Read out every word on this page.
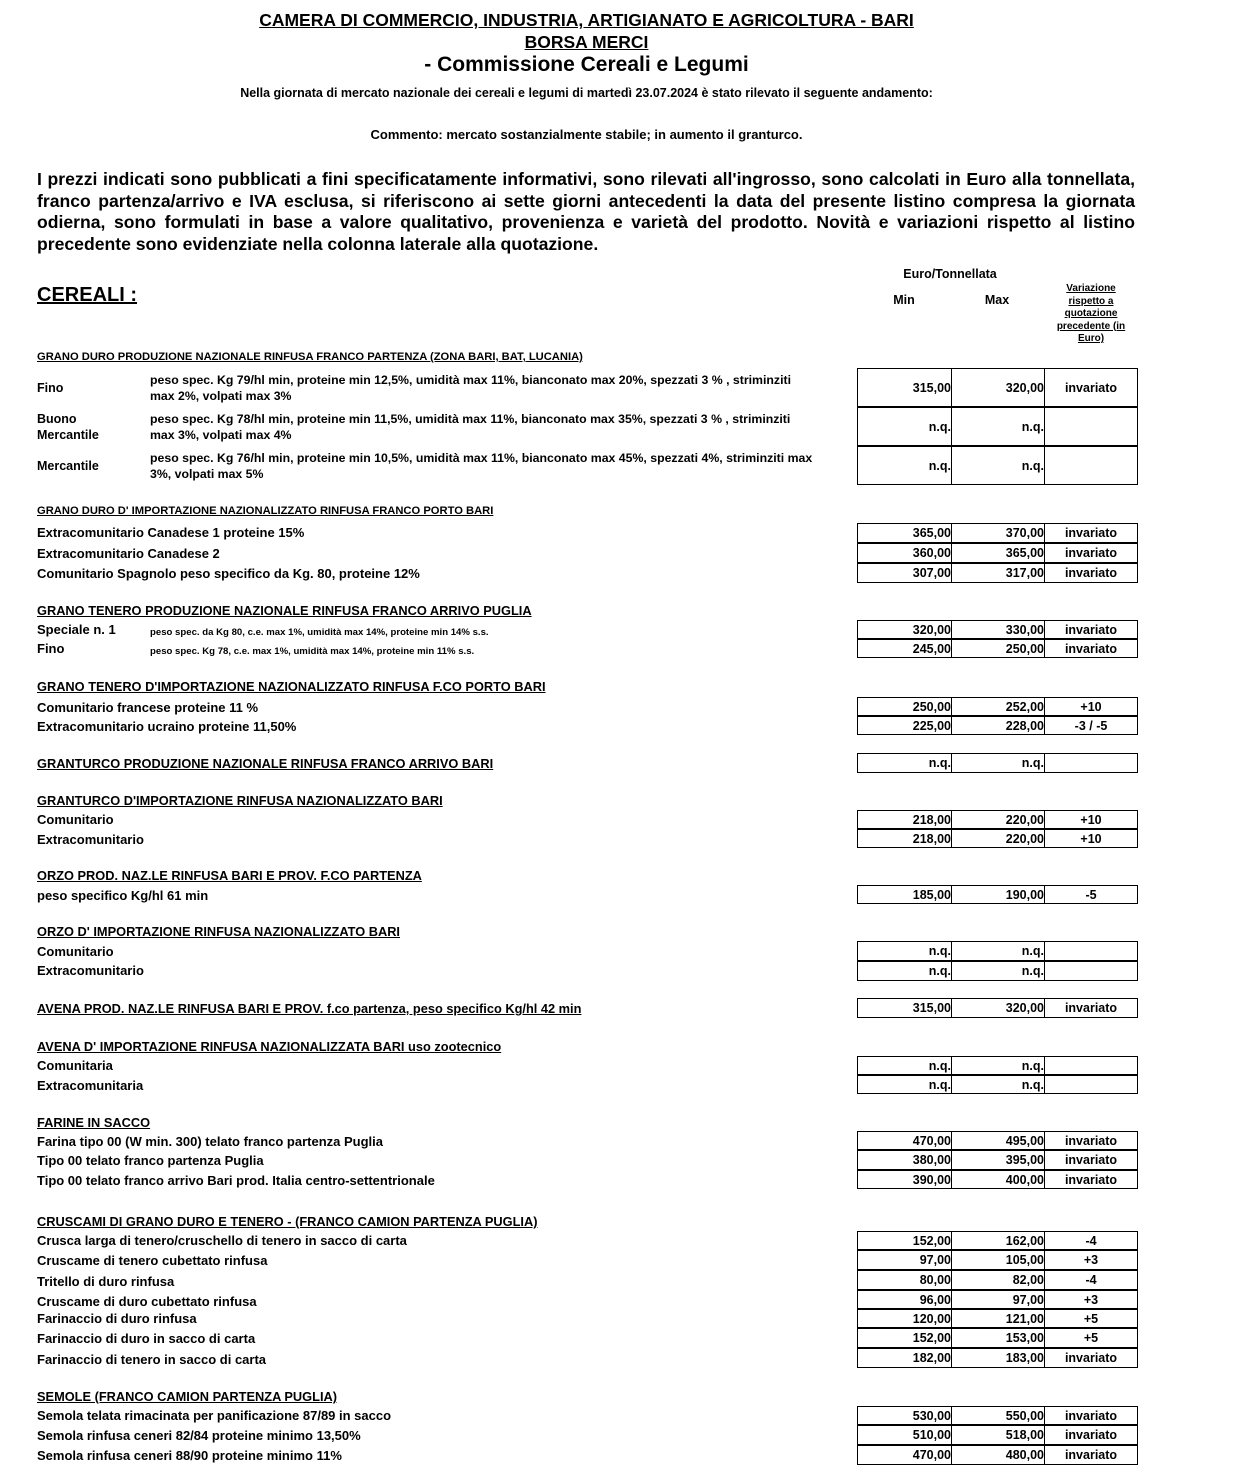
CAMERA DI COMMERCIO, INDUSTRIA, ARTIGIANATO E AGRICOLTURA - BARI
BORSA MERCI
- Commissione Cereali e Legumi
Nella giornata di mercato nazionale dei cereali e legumi di martedì 23.07.2024 è stato rilevato il seguente andamento:
Commento: mercato sostanzialmente stabile; in aumento il granturco.
I prezzi indicati sono pubblicati a fini specificatamente informativi, sono rilevati all'ingrosso, sono calcolati in Euro alla tonnellata, franco partenza/arrivo e IVA esclusa, si riferiscono ai sette giorni antecedenti la data del presente listino compresa la giornata odierna, sono formulati in base a valore qualitativo, provenienza e varietà del prodotto. Novità e variazioni rispetto al listino precedente sono evidenziate nella colonna laterale alla quotazione.
Euro/Tonnellata
Min	Max
Variazione rispetto a quotazione precedente (in Euro)
CEREALI :
GRANO DURO PRODUZIONE NAZIONALE RINFUSA FRANCO PARTENZA (ZONA BARI, BAT, LUCANIA)
Fino
peso spec. Kg 79/hl min, proteine min 12,5%, umidità max 11%, bianconato max 20%, spezzati 3 % , striminziti max 2%, volpati max 3%
315,00	320,00	invariato
Buono Mercantile
peso spec. Kg 78/hl min, proteine min 11,5%, umidità max 11%, bianconato max 35%, spezzati 3 % , striminziti max 3%, volpati max 4%
n.q.	n.q.
Mercantile
peso spec. Kg 76/hl min, proteine min 10,5%, umidità max 11%, bianconato max 45%, spezzati 4%, striminziti max 3%, volpati max 5%
n.q.	n.q.
GRANO DURO D' IMPORTAZIONE NAZIONALIZZATO RINFUSA FRANCO PORTO BARI
Extracomunitario Canadese 1 proteine 15%	365,00	370,00	invariato
Extracomunitario Canadese 2	360,00	365,00	invariato
Comunitario Spagnolo peso specifico da Kg. 80, proteine 12%	307,00	317,00	invariato
GRANO TENERO PRODUZIONE NAZIONALE RINFUSA FRANCO ARRIVO PUGLIA
Speciale n. 1	peso spec. da Kg 80, c.e. max 1%, umidità max 14%, proteine min 14% s.s.	320,00	330,00	invariato
Fino	peso spec. Kg 78, c.e. max 1%, umidità max 14%, proteine min 11% s.s.	245,00	250,00	invariato
GRANO TENERO D'IMPORTAZIONE NAZIONALIZZATO RINFUSA F.CO PORTO BARI
Comunitario francese proteine 11 %	250,00	252,00	+10
Extracomunitario ucraino proteine 11,50%	225,00	228,00	-3 / -5
GRANTURCO PRODUZIONE NAZIONALE RINFUSA FRANCO ARRIVO BARI	n.q.	n.q.
GRANTURCO D'IMPORTAZIONE RINFUSA NAZIONALIZZATO BARI
Comunitario	218,00	220,00	+10
Extracomunitario	218,00	220,00	+10
ORZO PROD. NAZ.LE RINFUSA BARI E PROV. F.CO PARTENZA
peso specifico Kg/hl 61 min	185,00	190,00	-5
ORZO D' IMPORTAZIONE RINFUSA NAZIONALIZZATO BARI
Comunitario	n.q.	n.q.
Extracomunitario	n.q.	n.q.
AVENA PROD. NAZ.LE RINFUSA BARI E PROV. f.co partenza, peso specifico Kg/hl 42 min	315,00	320,00	invariato
AVENA D' IMPORTAZIONE RINFUSA NAZIONALIZZATA BARI uso zootecnico
Comunitaria	n.q.	n.q.
Extracomunitaria	n.q.	n.q.
FARINE IN SACCO
Farina tipo 00 (W min. 300) telato franco partenza Puglia	470,00	495,00	invariato
Tipo 00 telato franco partenza Puglia	380,00	395,00	invariato
Tipo 00 telato franco arrivo Bari prod. Italia centro-settentrionale	390,00	400,00	invariato
CRUSCAMI DI GRANO DURO E TENERO - (FRANCO CAMION PARTENZA PUGLIA)
Crusca larga di tenero/cruschello di tenero in sacco di carta	152,00	162,00	-4
Cruscame di tenero cubettato rinfusa	97,00	105,00	+3
Tritello di duro rinfusa	80,00	82,00	-4
Cruscame di duro cubettato rinfusa	96,00	97,00	+3
Farinaccio di duro rinfusa	120,00	121,00	+5
Farinaccio di duro in sacco di carta	152,00	153,00	+5
Farinaccio di tenero in sacco di carta	182,00	183,00	invariato
SEMOLE (FRANCO CAMION PARTENZA PUGLIA)
Semola telata rimacinata per panificazione 87/89 in sacco	530,00	550,00	invariato
Semola rinfusa ceneri 82/84 proteine minimo 13,50%	510,00	518,00	invariato
Semola rinfusa ceneri 88/90 proteine minimo 11%	470,00	480,00	invariato
